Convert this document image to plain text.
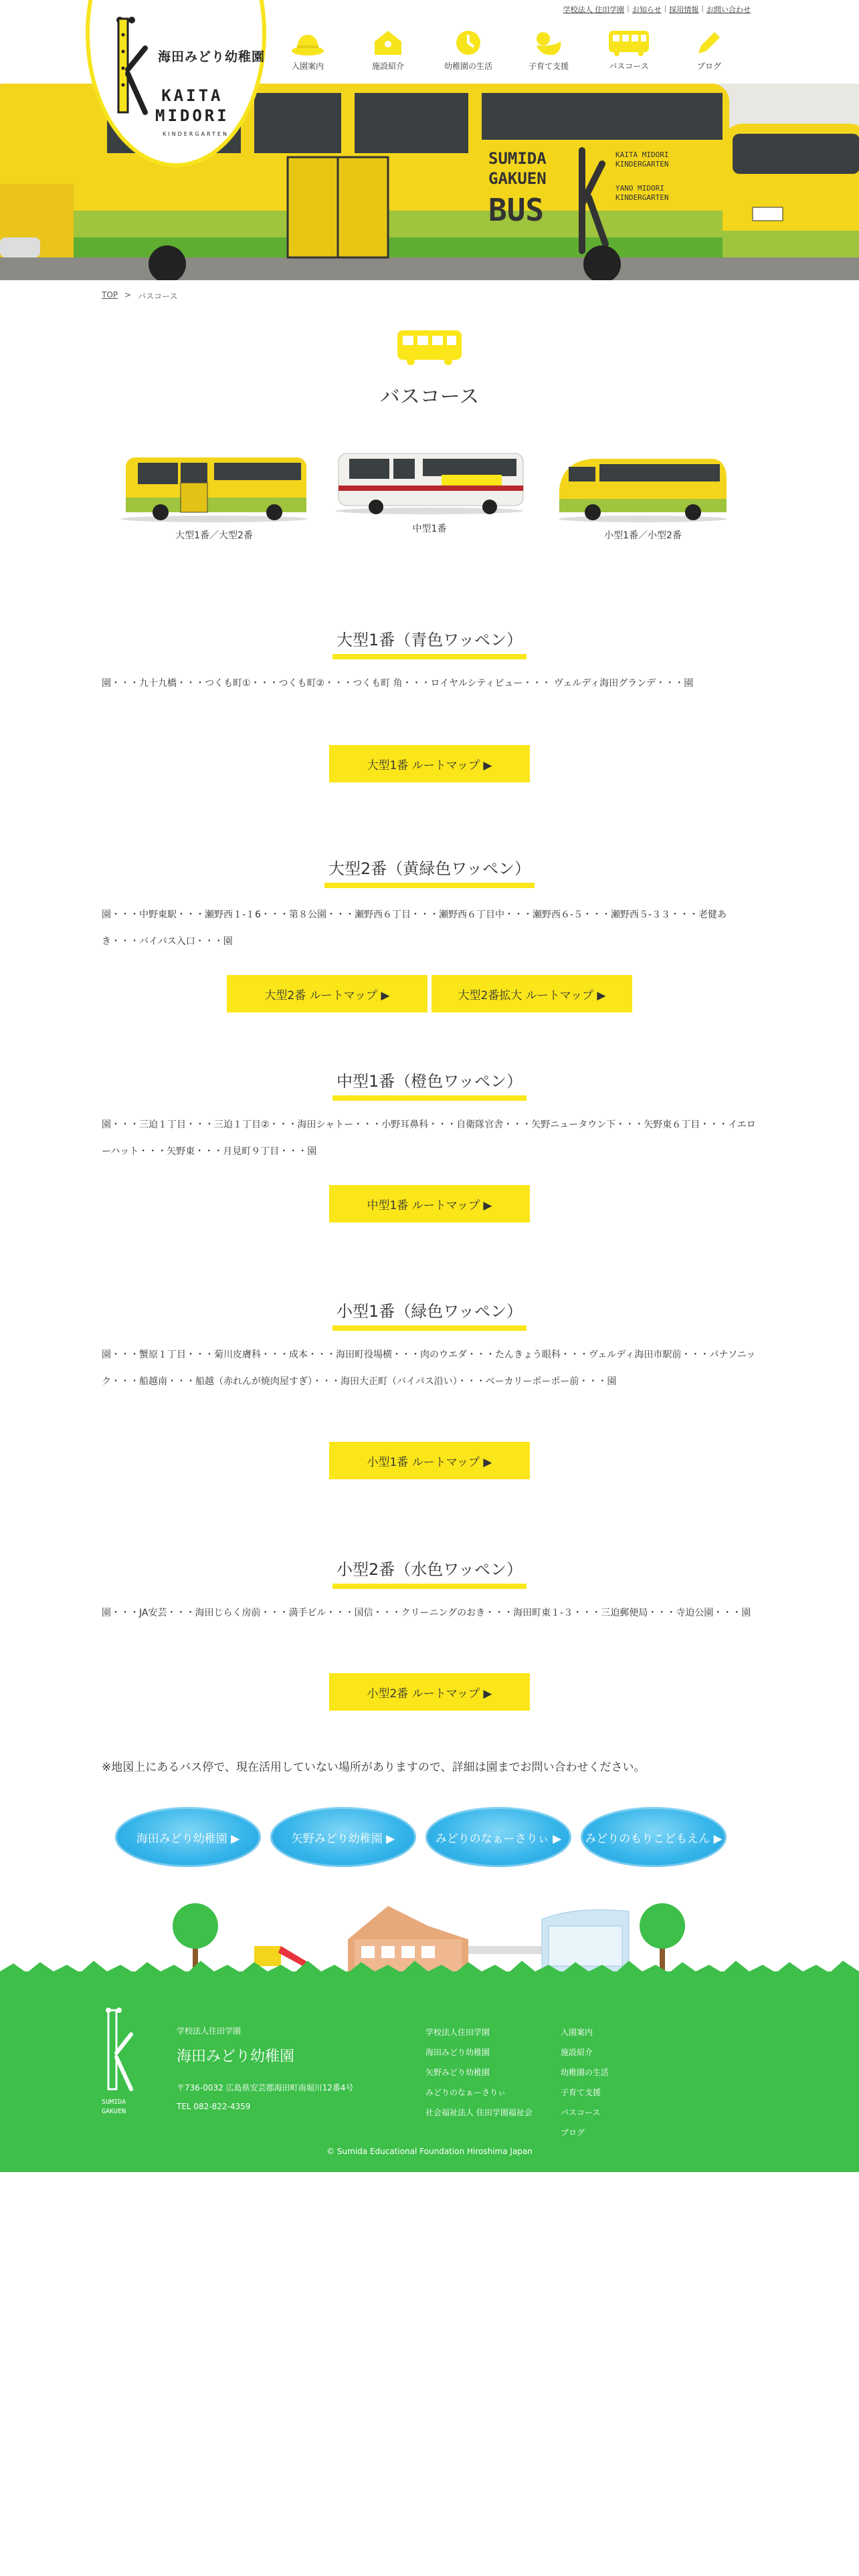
学校法人 住田学園 | お知らせ | 採用情報 | お問い合わせ
SUMIDA
GAKUEN
BUS
KAITA MIDORI
KINDERGARTEN
YANO MIDORI
KINDERGARTEN
海田みどり幼稚園
KAITA
MIDORI
KINDERGARTEN
入園案内	施設紹介	幼稚園の生活	子育て支援	バスコース	ブログ
TOP > バスコース
バスコース
大型1番／大型2番
中型1番
小型1番／小型2番
大型1番（青色ワッペン）
園・・・九十九橋・・・つくも町①・・・つくも町②・・・つくも町 角・・・ロイヤルシティビュー・・・ ヴェルディ海田グランデ・・・園
大型1番 ルートマップ ▶
大型2番（黄緑色ワッペン）
園・・・中野東駅・・・瀬野西１-１6・・・第８公園・・・瀬野西６丁目・・・瀬野西６丁目中・・・瀬野西６-５・・・瀬野西５-３３・・・老健あき・・・バイパス入口・・・園
大型2番 ルートマップ ▶	大型2番拡大 ルートマップ ▶
中型1番（橙色ワッペン）
園・・・三迫１丁目・・・三迫１丁目②・・・海田シャトー・・・小野耳鼻科・・・自衛隊官舎・・・矢野ニュータウン下・・・矢野東６丁目・・・イエローハット・・・矢野東・・・月見町９丁目・・・園
中型1番 ルートマップ ▶
小型1番（緑色ワッペン）
園・・・蟹原１丁目・・・菊川皮膚科・・・成本・・・海田町役場横・・・肉のウエダ・・・たんきょう眼科・・・ヴェルディ海田市駅前・・・パナソニック・・・船越南・・・船越（赤れんが焼肉屋すぎ）・・・海田大正町（バイパス沿い）・・・ベーカリーポーポー前・・・園
小型1番 ルートマップ ▶
小型2番（水色ワッペン）
園・・・JA安芸・・・海田じらく房前・・・満手ビル・・・国信・・・クリーニングのおき・・・海田町東１-３・・・三迫郵便局・・・寺迫公園・・・園
小型2番 ルートマップ ▶
※地図上にあるバス停で、現在活用していない場所がありますので、詳細は園までお問い合わせください。
海田みどり幼稚園 ▶	矢野みどり幼稚園 ▶	みどりのなぁーさりぃ ▶	みどりのもりこどもえん ▶
SUMIDA
GAKUEN
学校法人住田学園
海田みどり幼稚園
〒736-0032 広島県安芸郡海田町南堀川12番4号
TEL 082-822-4359
学校法人住田学園
海田みどり幼稚園
矢野みどり幼稚園
みどりのなぁーさりぃ
社会福祉法人 住田学園福祉会
入園案内
施設紹介
幼稚園の生活
子育て支援
バスコース
ブログ
© Sumida Educational Foundation Hiroshima Japan
